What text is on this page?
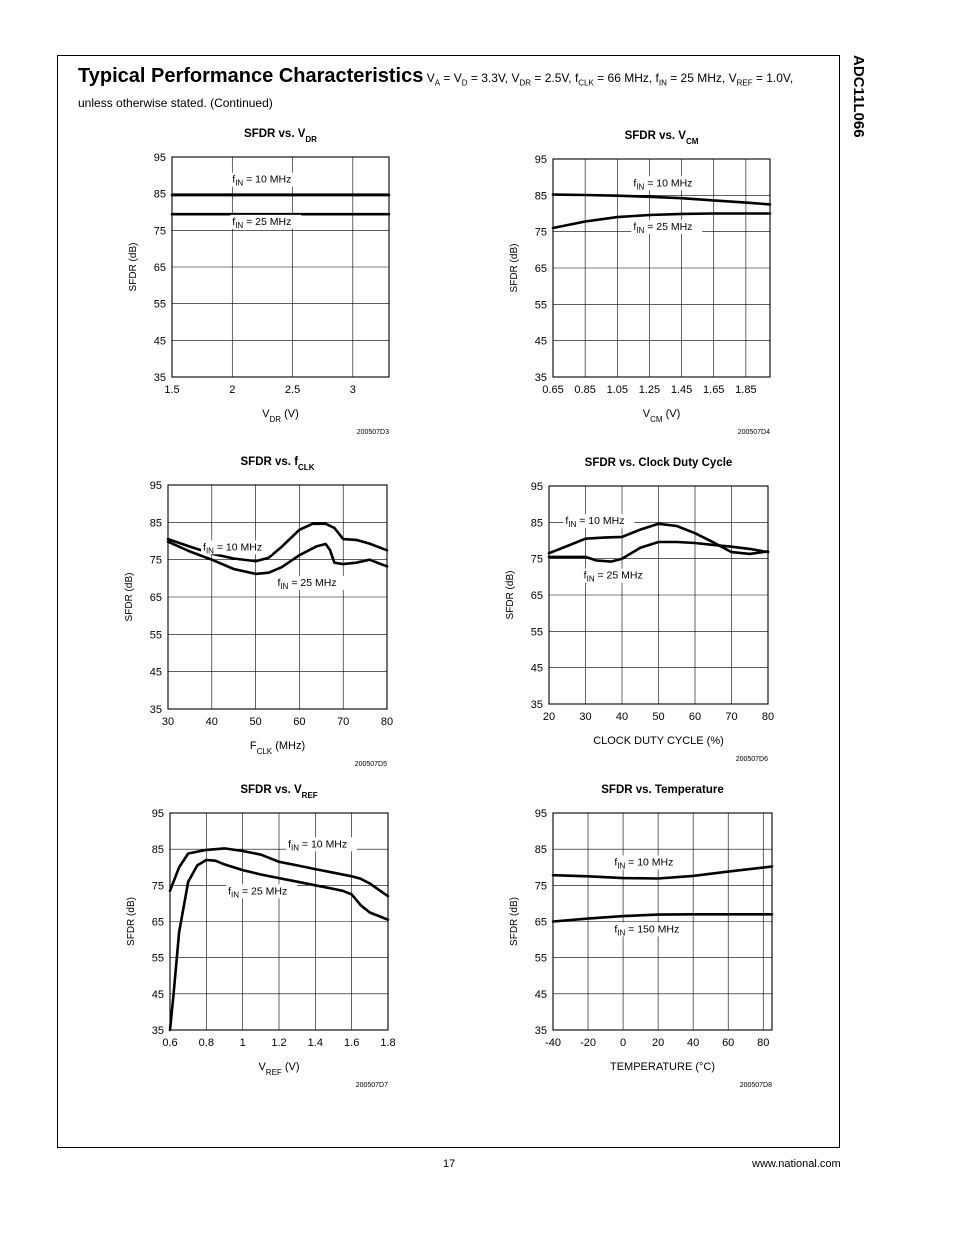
ADC11L066
Typical Performance Characteristics $V_A = V_D = 3.3V$, $V_{DR} = 2.5V$, $f_{CLK} = 66$ MHz, $f_{IN} = 25$ MHz, $V_{REF} = 1.0V$, unless otherwise stated. (Continued)
SFDR vs. $V_{DR}$
1.5	2	2.5	3
35
45
55
65
75
85
95
$V_{DR}$ (V)
SFDR (dB)
$f_{IN} = 10$ MHz
$f_{IN} = 25$ MHz
200507D3
SFDR vs. $V_{CM}$
0.65 0.85 1.05 1.25 1.45 1.65 1.85
35
45
55
65
75
85
95
$V_{CM}$ (V)
SFDR (dB)
$f_{IN} = 10$ MHz
$f_{IN} = 25$ MHz
200507D4
SFDR vs. $f_{CLK}$
30	40	50	60	70	80
35
45
55
65
75
85
95
$F_{CLK}$ (MHz)
SFDR (dB)
$f_{IN} = 10$ MHz
$f_{IN} = 25$ MHz
200507D5
SFDR vs. Clock Duty Cycle
20 30 40 50 60 70 80
35
45
55
65
75
85
95
CLOCK DUTY CYCLE (%)
SFDR (dB)
$f_{IN} = 10$ MHz
$f_{IN} = 25$ MHz
200507D6
SFDR vs. $V_{REF}$
0.6 0.8 1 1.2 1.4 1.6 1.8
35
45
55
65
75
85
95
$V_{REF}$ (V)
SFDR (dB)
$f_{IN} = 10$ MHz
$f_{IN} = 25$ MHz
200507D7
SFDR vs. Temperature
-40 -20 0 20 40 60 80
35
45
55
65
75
85
95
TEMPERATURE (°C)
SFDR (dB)
$f_{IN} = 10$ MHz
$f_{IN} = 150$ MHz
200507D8
17	www.national.com
